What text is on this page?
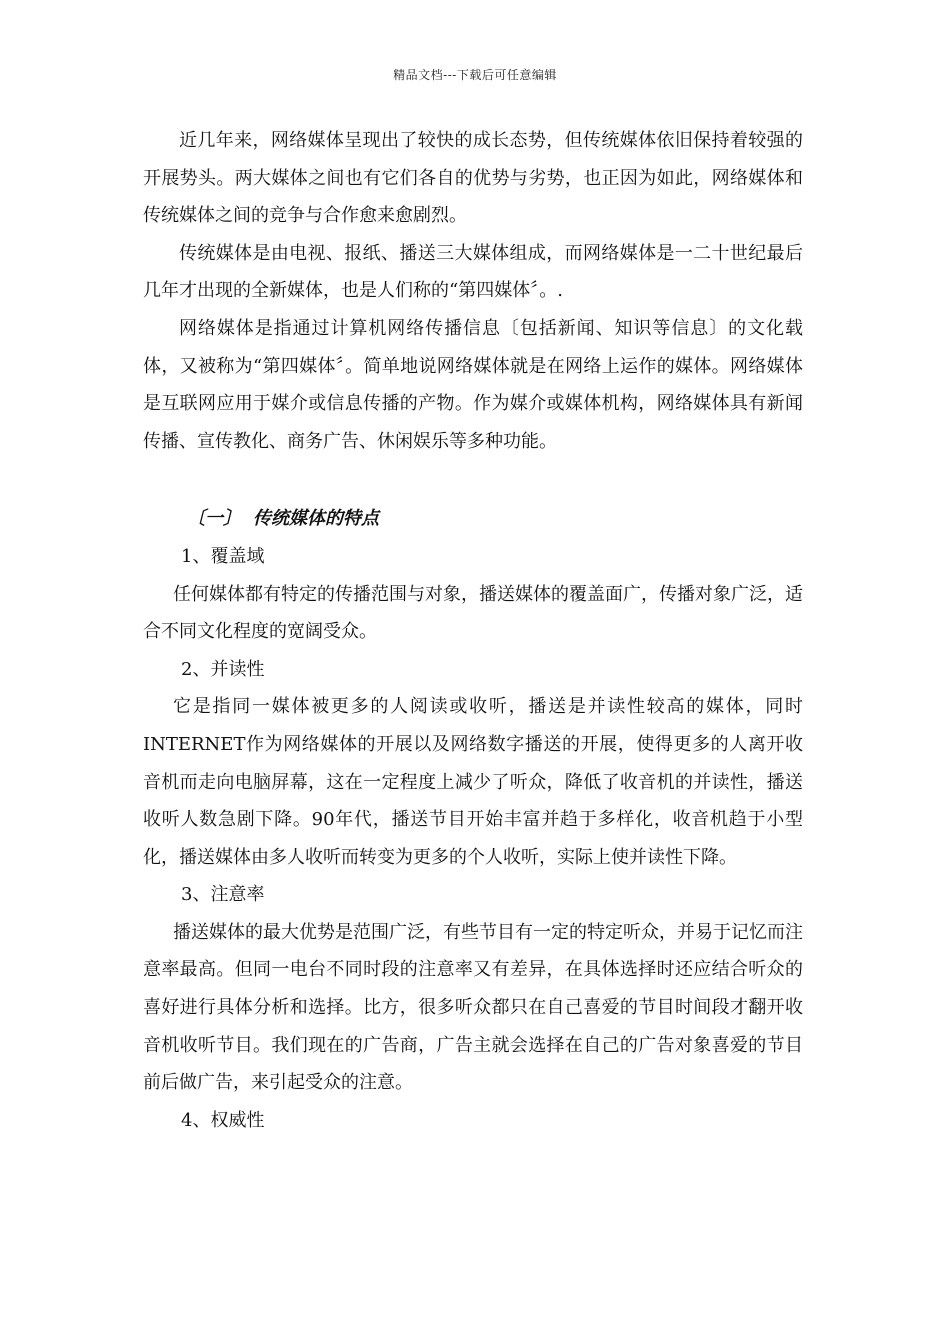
精品文档---下载后可任意编辑

近几年来，网络媒体呈现出了较快的成长态势，但传统媒体依旧保持着较强的开展势头。两大媒体之间也有它们各自的优势与劣势，也正因为如此，网络媒体和传统媒体之间的竞争与合作愈来愈剧烈。

传统媒体是由电视、报纸、播送三大媒体组成，而网络媒体是一二十世纪最后几年才出现的全新媒体，也是人们称的“第四媒体〞。.

网络媒体是指通过计算机网络传播信息〔包括新闻、知识等信息〕的文化载体，又被称为“第四媒体〞。简单地说网络媒体就是在网络上运作的媒体。网络媒体是互联网应用于媒介或信息传播的产物。作为媒介或媒体机构，网络媒体具有新闻传播、宣传教化、商务广告、休闲娱乐等多种功能。

〔一〕 传统媒体的特点

1、覆盖域

任何媒体都有特定的传播范围与对象，播送媒体的覆盖面广，传播对象广泛，适合不同文化程度的宽阔受众。

2、并读性

它是指同一媒体被更多的人阅读或收听，播送是并读性较高的媒体，同时INTERNET作为网络媒体的开展以及网络数字播送的开展，使得更多的人离开收音机而走向电脑屏幕，这在一定程度上减少了听众，降低了收音机的并读性，播送收听人数急剧下降。90年代，播送节目开始丰富并趋于多样化，收音机趋于小型化，播送媒体由多人收听而转变为更多的个人收听，实际上使并读性下降。

3、注意率

播送媒体的最大优势是范围广泛，有些节目有一定的特定听众，并易于记忆而注意率最高。但同一电台不同时段的注意率又有差异，在具体选择时还应结合听众的喜好进行具体分析和选择。比方，很多听众都只在自己喜爱的节目时间段才翻开收音机收听节目。我们现在的广告商，广告主就会选择在自己的广告对象喜爱的节目前后做广告，来引起受众的注意。

4、权威性
